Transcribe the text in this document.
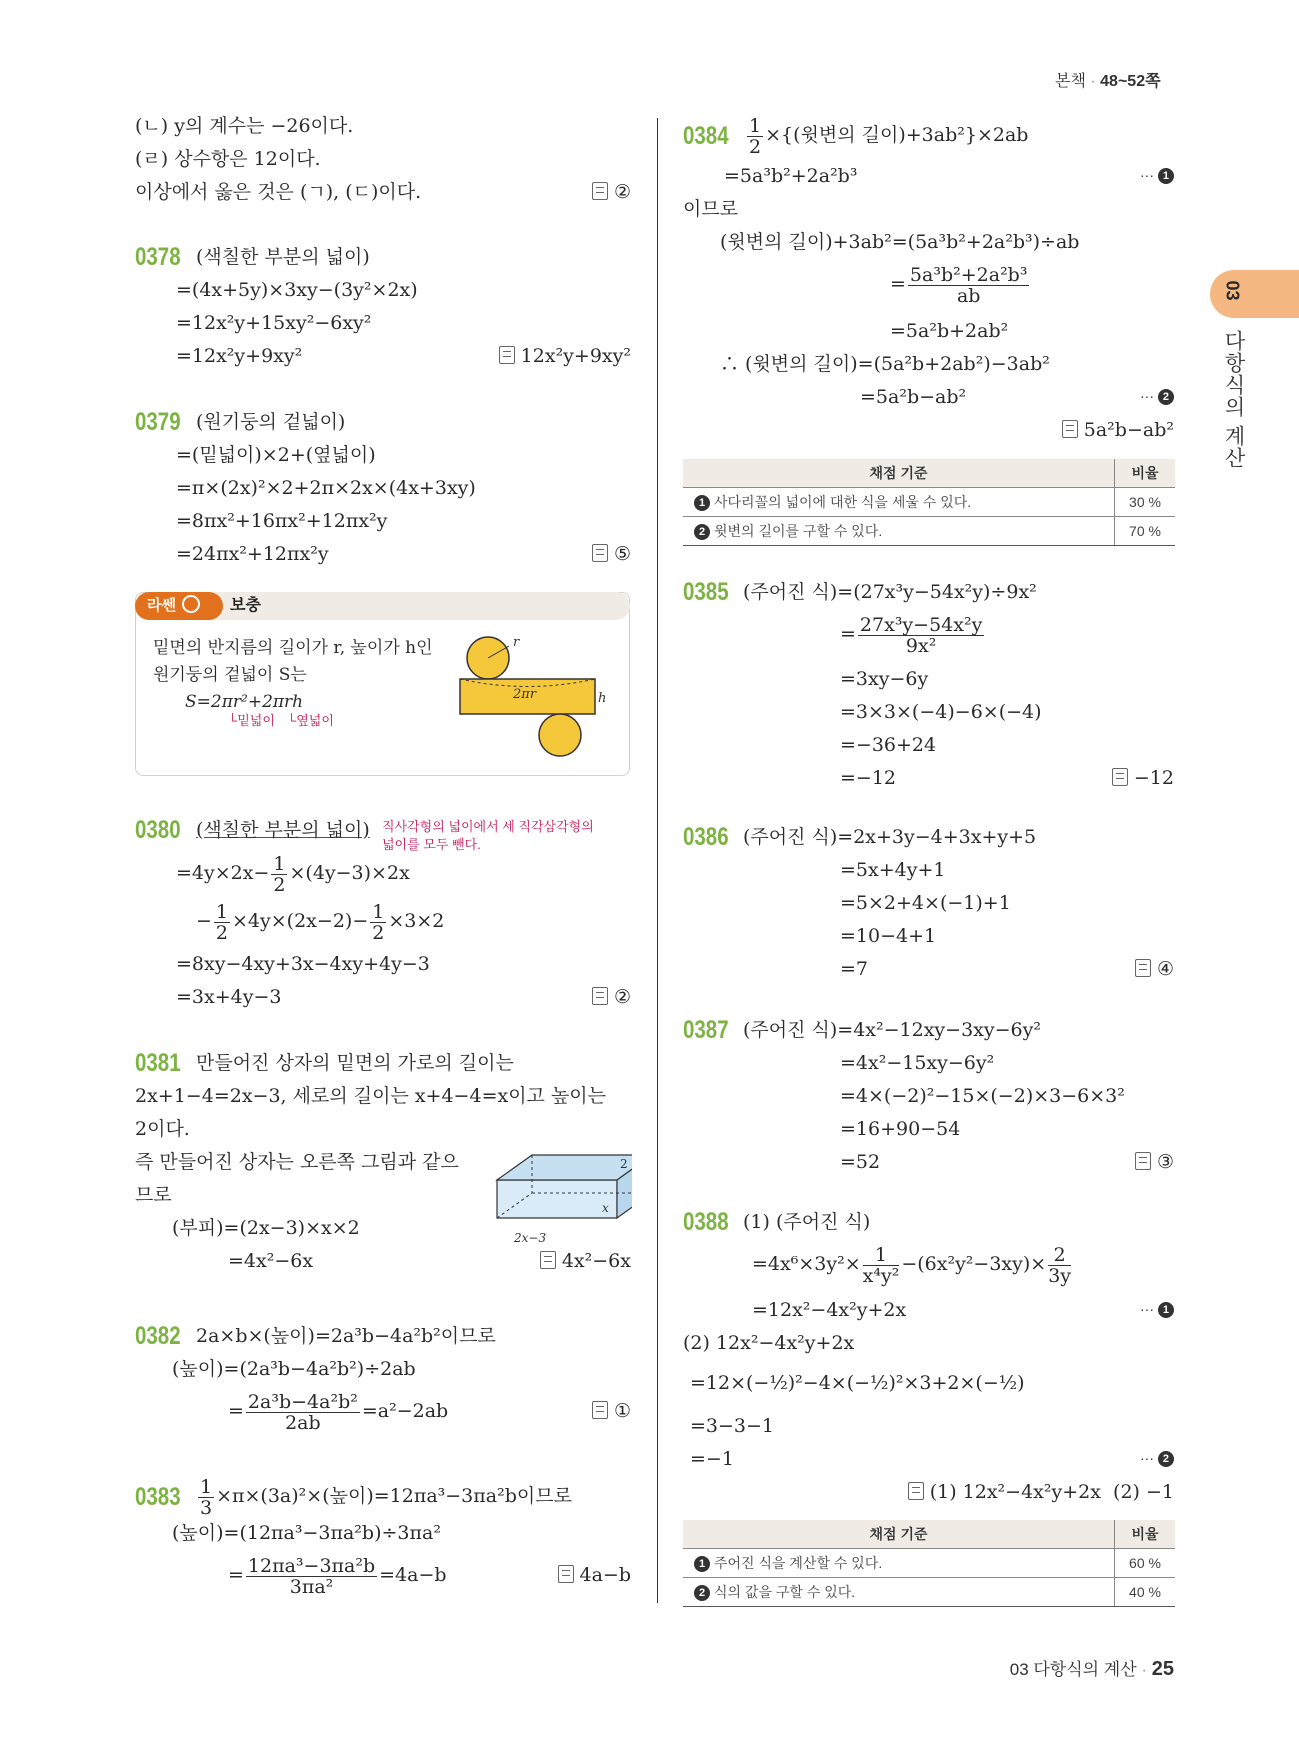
본책 · 48~52쪽
03
다항식의 계산
(ㄴ) y의 계수는 −26이다.
(ㄹ) 상수항은 12이다.
이상에서 옳은 것은 (ㄱ), (ㄷ)이다.	②
0378 (색칠한 부분의 넓이)
=(4x+5y)×3xy−(3y²×2x)
=12x²y+15xy²−6xy²
=12x²y+9xy²	12x²y+9xy²
0379 (원기둥의 겉넓이)
=(밑넓이)×2+(옆넓이)
=π×(2x)²×2+2π×2x×(4x+3xy)
=8πx²+16πx²+12πx²y
=24πx²+12πx²y	⑤
라쎈	보충
밑면의 반지름의 길이가 r, 높이가 h인
원기둥의 겉넓이 S는
S=2πr²+2πrh
└밑넓이 └옆넓이
r
2πr	h
0380 (색칠한 부분의 넓이) 직사각형의 넓이에서 세 직각삼각형의
넓이를 모두 뺀다.
$=4y\times 2x- \frac{1}{2} \times(4y-3)\times 2x$
− $\frac{1}{2} \times 4y\times(2x-2)- \frac{1}{2} \times 3\times 2$
=8xy−4xy+3x−4xy+4y−3
=3x+4y−3	②
0381 만들어진 상자의 밑면의 가로의 길이는
2x+1−4=2x−3, 세로의 길이는 x+4−4=x이고 높이는
2이다.
즉 만들어진 상자는 오른쪽 그림과 같으
므로
(부피)=(2x−3)×x×2
=4x²−6x
2
x
2x−3
4x²−6x
0382 2a×b×(높이)=2a³b−4a²b²이므로
(높이)=(2a³b−4a²b²)÷2ab
= $\frac{\text{2a³b−4a²b²}}{2ab} =a^2-2ab$	①
$0383 \frac{1}{3} \times\pi\times(3a)^2\times$(높이)=12πa³−3πa²b이므로
(높이)=(12πa³−3πa²b)÷3πa²
= $\frac{\text{12πa³−3πa²b}}{\text{3πa²}} =4a-b$	4a−b
$0384 \frac{1}{2}$ ×{(윗변의 길이)+3ab²}×2ab
=5a³b²+2a²b³	··· 1
이므로
(윗변의 길이)+3ab²=(5a³b²+2a²b³)÷ab
= $\frac{\text{5a³b²+2a²b³}}{ab}$
=5a²b+2ab²
∴ (윗변의 길이)=(5a²b+2ab²)−3ab²
=5a²b−ab²	··· 2
5a²b−ab²
채점 기준	비율
1 사다리꼴의 넓이에 대한 식을 세울 수 있다.	30 %
2 윗변의 길이를 구할 수 있다.	70 %
0385 (주어진 식)=(27x³y−54x²y)÷9x²
= $\frac{\text{27x³y−54x²y}}{\text{9x²}}$
=3xy−6y
=3×3×(−4)−6×(−4)
=−36+24
=−12	−12
0386 (주어진 식)=2x+3y−4+3x+y+5
=5x+4y+1
=5×2+4×(−1)+1
=10−4+1
=7	④
0387 (주어진 식)=4x²−12xy−3xy−6y²
=4x²−15xy−6y²
=4×(−2)²−15×(−2)×3−6×3²
=16+90−54
=52	③
0388 (1) (주어진 식)
$=4x^6\times 3y^2\times \frac{1}{\text{x⁴y²}} -(6x^2y^2-3xy)\times \frac{2}{3y}$
=12x²−4x²y+2x	··· 1
(2) 12x²−4x²y+2x
=12×(−½)²−4×(−½)²×3+2×(−½)
=3−3−1
=−1	··· 2
(1) 12x²−4x²y+2x  (2) −1
채점 기준	비율
1 주어진 식을 계산할 수 있다.	60 %
2 식의 값을 구할 수 있다.	40 %
03 다항식의 계산 · 25
